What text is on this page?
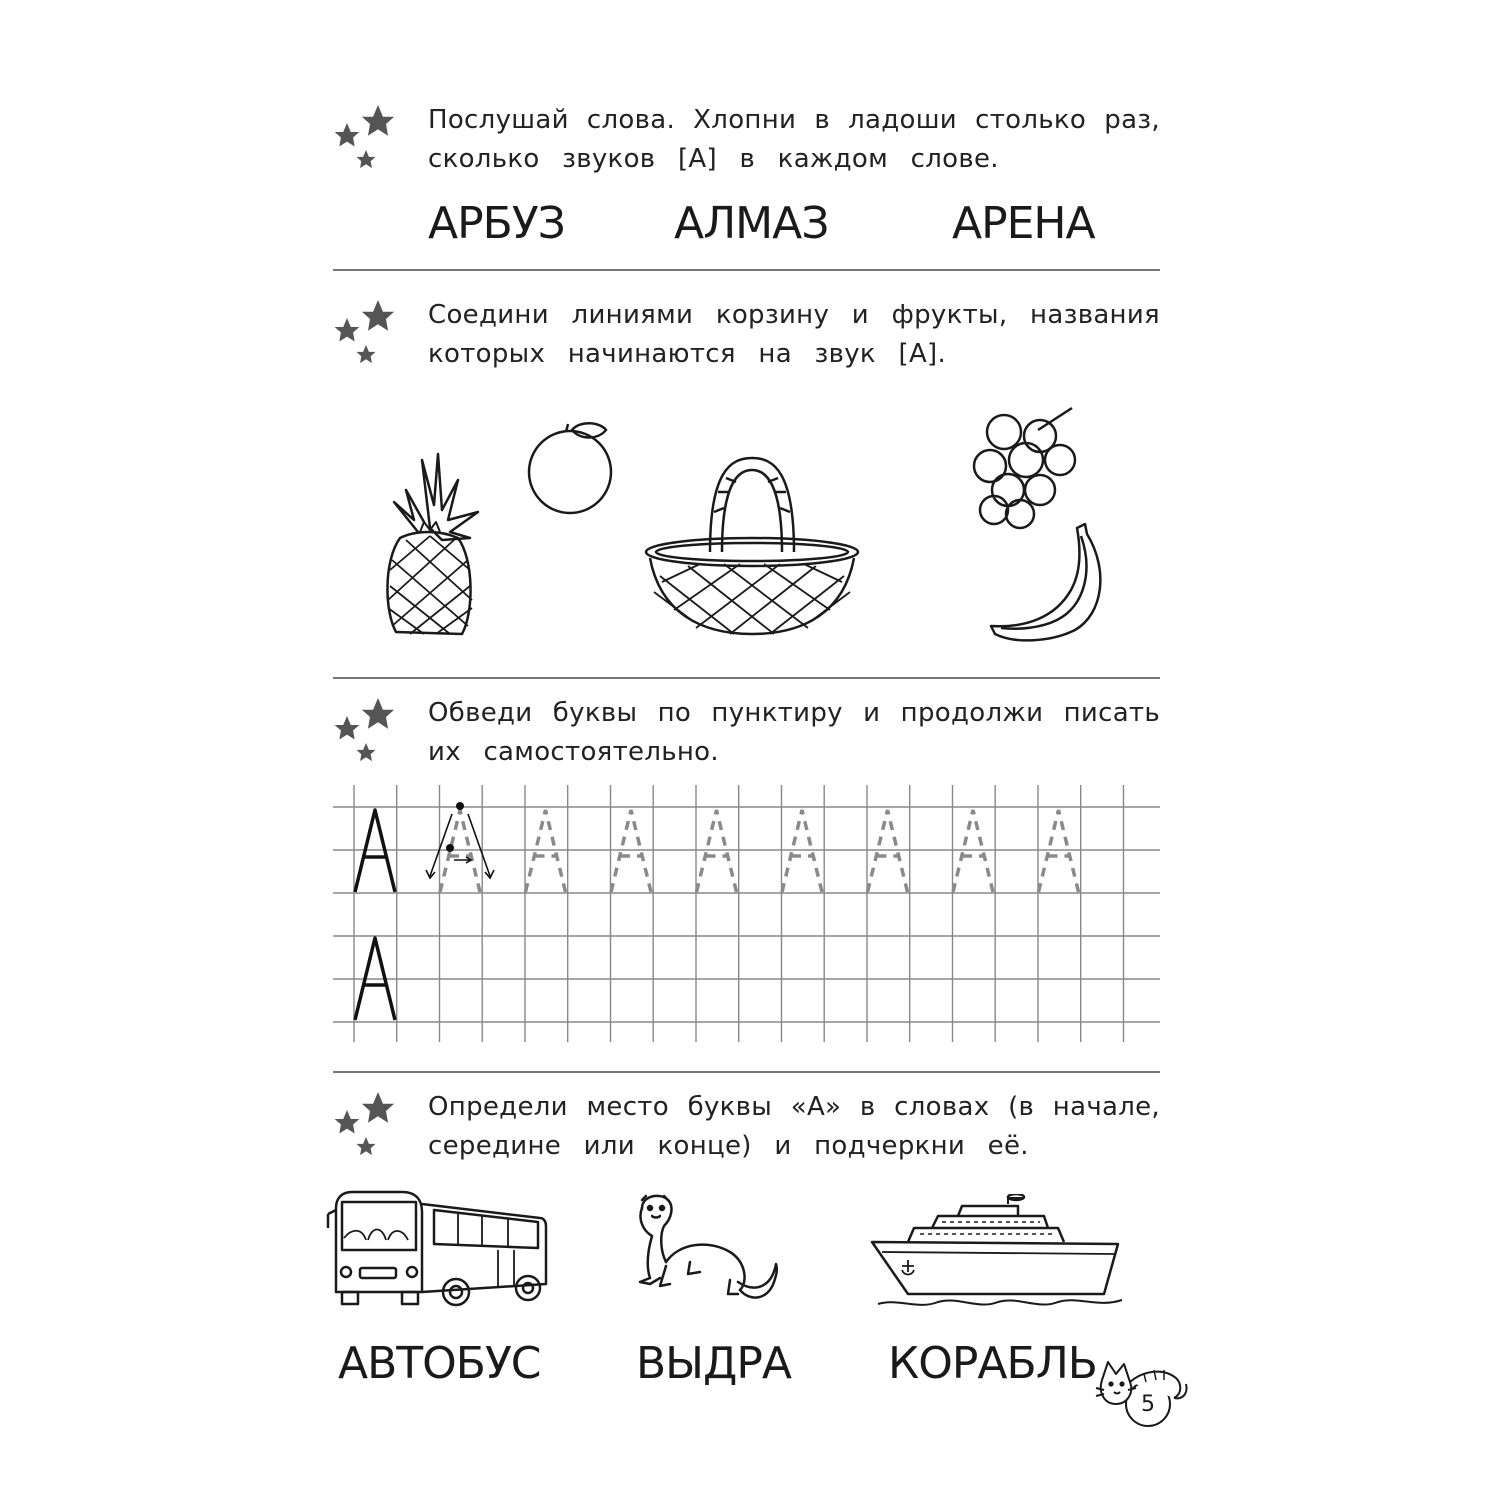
Послушай слова. Хлопни в ладоши столько раз,
сколько звуков [А] в каждом слове.
АРБУЗ АЛМАЗ	АРЕНА
Соедини линиями корзину и фрукты, названия
которых начинаются на звук [А].
Обведи буквы по пунктиру и продолжи писать
их самостоятельно.
Определи место буквы «А» в словах (в начале,
середине или конце) и подчеркни её.
АВТОБУС ВЫДРА КОРАБЛЬ
5
